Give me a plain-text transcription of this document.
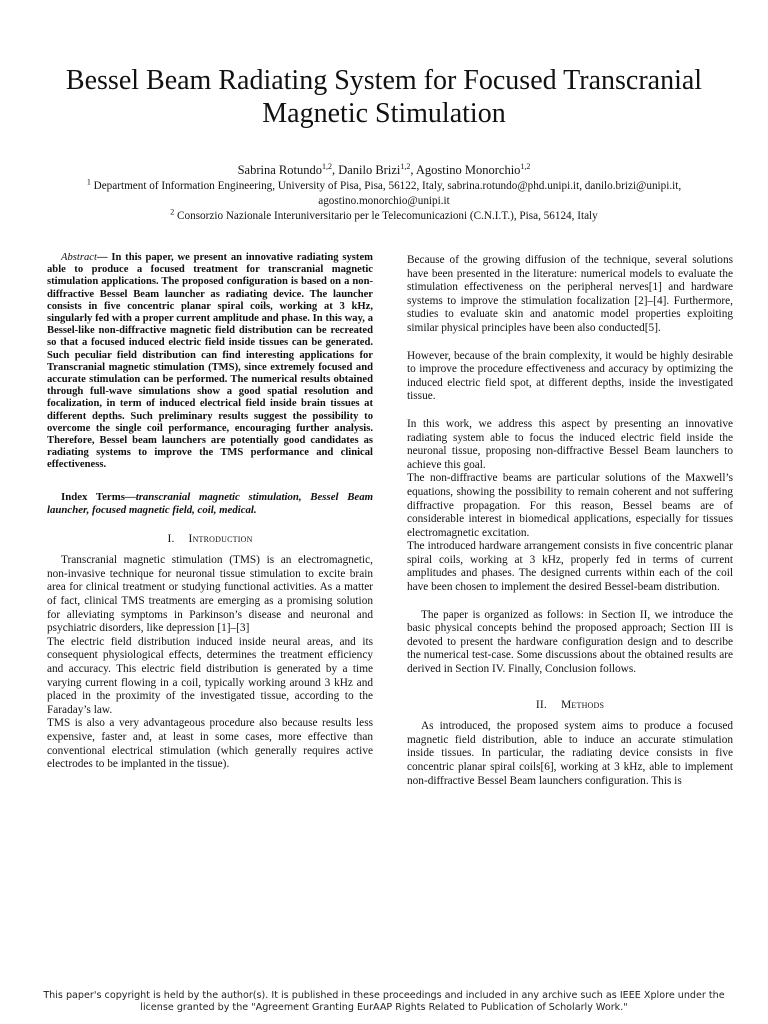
Bessel Beam Radiating System for Focused Transcranial Magnetic Stimulation
Sabrina Rotundo$^{1,2}$, Danilo Brizi$^{1,2}$, Agostino Monorchio$^{1,2}$
$^1$ Department of Information Engineering, University of Pisa, Pisa, 56122, Italy, sabrina.rotundo@phd.unipi.it, danilo.brizi@unipi.it, agostino.monorchio@unipi.it
$^2$ Consorzio Nazionale Interuniversitario per le Telecomunicazioni (C.N.I.T.), Pisa, 56124, Italy

Abstract— In this paper, we present an innovative radiating system able to produce a focused treatment for transcranial magnetic stimulation applications. The proposed configuration is based on a non-diffractive Bessel Beam launcher as radiating device. The launcher consists in five concentric planar spiral coils, working at 3 kHz, singularly fed with a proper current amplitude and phase. In this way, a Bessel-like non-diffractive magnetic field distribution can be recreated so that a focused induced electric field inside tissues can be generated. Such peculiar field distribution can find interesting applications for Transcranial magnetic stimulation (TMS), since extremely focused and accurate stimulation can be performed. The numerical results obtained through full-wave simulations show a good spatial resolution and focalization, in term of induced electrical field inside brain tissues at different depths. Such preliminary results suggest the possibility to overcome the single coil performance, encouraging further analysis. Therefore, Bessel beam launchers are potentially good candidates as radiating systems to improve the TMS performance and clinical effectiveness.

Index Terms—transcranial magnetic stimulation, Bessel Beam launcher, focused magnetic field, coil, medical.

I. Introduction

Transcranial magnetic stimulation (TMS) is an electromagnetic, non-invasive technique for neuronal tissue stimulation to excite brain area for clinical treatment or studying functional activities. As a matter of fact, clinical TMS treatments are emerging as a promising solution for alleviating symptoms in Parkinson’s disease and neuronal and psychiatric disorders, like depression [1]–[3]

The electric field distribution induced inside neural areas, and its consequent physiological effects, determines the treatment efficiency and accuracy. This electric field distribution is generated by a time varying current flowing in a coil, typically working around 3 kHz and placed in the proximity of the investigated tissue, according to the Faraday’s law.

TMS is also a very advantageous procedure also because results less expensive, faster and, at least in some cases, more effective than conventional electrical stimulation (which generally requires active electrodes to be implanted in the tissue).

Because of the growing diffusion of the technique, several solutions have been presented in the literature: numerical models to evaluate the stimulation effectiveness on the peripheral nerves[1] and hardware systems to improve the stimulation focalization [2]–[4]. Furthermore, studies to evaluate skin and anatomic model properties exploiting similar physical principles have been also conducted[5].

However, because of the brain complexity, it would be highly desirable to improve the procedure effectiveness and accuracy by optimizing the induced electric field spot, at different depths, inside the investigated tissue.

In this work, we address this aspect by presenting an innovative radiating system able to focus the induced electric field inside the neuronal tissue, proposing non-diffractive Bessel Beam launchers to achieve this goal.

The non-diffractive beams are particular solutions of the Maxwell’s equations, showing the possibility to remain coherent and not suffering diffractive propagation. For this reason, Bessel beams are of considerable interest in biomedical applications, especially for tissues electromagnetic excitation.

The introduced hardware arrangement consists in five concentric planar spiral coils, working at 3 kHz, properly fed in terms of current amplitudes and phases. The designed currents within each of the coil have been chosen to implement the desired Bessel-beam distribution.

The paper is organized as follows: in Section II, we introduce the basic physical concepts behind the proposed approach; Section III is devoted to present the hardware configuration design and to describe the numerical test-case. Some discussions about the obtained results are derived in Section IV. Finally, Conclusion follows.

II. Methods

As introduced, the proposed system aims to produce a focused magnetic field distribution, able to induce an accurate stimulation inside tissues. In particular, the radiating device consists in five concentric planar spiral coils[6], working at 3 kHz, able to implement non-diffractive Bessel Beam launchers configuration. This is

This paper's copyright is held by the author(s). It is published in these proceedings and included in any archive such as IEEE Xplore under the license granted by the "Agreement Granting EurAAP Rights Related to Publication of Scholarly Work."
